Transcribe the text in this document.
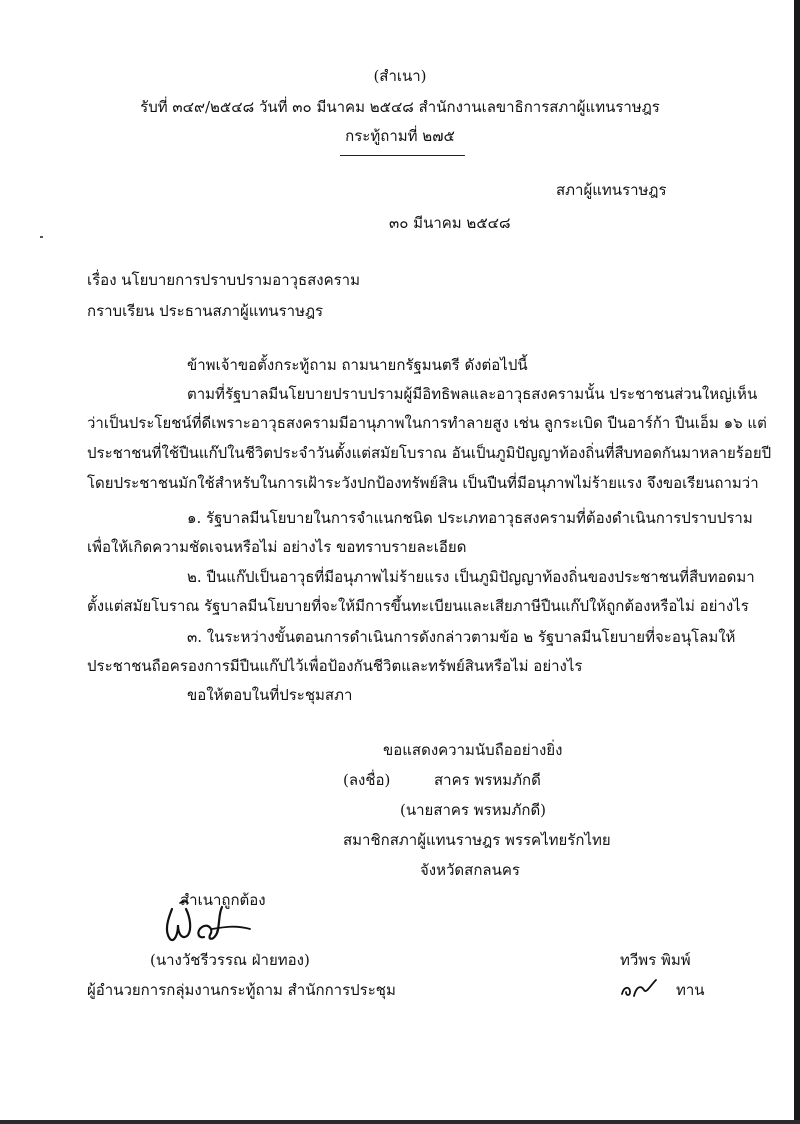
(สำเนา)
รับที่ ๓๔๙/๒๕๔๘ วันที่ ๓๐ มีนาคม ๒๕๔๘ สำนักงานเลขาธิการสภาผู้แทนราษฎร
กระทู้ถามที่ ๒๗๕
สภาผู้แทนราษฎร
๓๐ มีนาคม ๒๕๔๘
เรื่อง นโยบายการปราบปรามอาวุธสงคราม
กราบเรียน ประธานสภาผู้แทนราษฎร
ข้าพเจ้าขอตั้งกระทู้ถาม ถามนายกรัฐมนตรี ดังต่อไปนี้
ตามที่รัฐบาลมีนโยบายปราบปรามผู้มีอิทธิพลและอาวุธสงครามนั้น ประชาชนส่วนใหญ่เห็น
ว่าเป็นประโยชน์ที่ดีเพราะอาวุธสงครามมีอานุภาพในการทำลายสูง เช่น ลูกระเบิด ปืนอาร์ก้า ปืนเอ็ม ๑๖ แต่
ประชาชนที่ใช้ปืนแก๊ปในชีวิตประจำวันตั้งแต่สมัยโบราณ อันเป็นภูมิปัญญาท้องถิ่นที่สืบทอดกันมาหลายร้อยปี
โดยประชาชนมักใช้สำหรับในการเฝ้าระวังปกป้องทรัพย์สิน เป็นปืนที่มีอนุภาพไม่ร้ายแรง จึงขอเรียนถามว่า
๑. รัฐบาลมีนโยบายในการจำแนกชนิด ประเภทอาวุธสงครามที่ต้องดำเนินการปราบปราม
เพื่อให้เกิดความชัดเจนหรือไม่ อย่างไร ขอทราบรายละเอียด
๒. ปืนแก๊ปเป็นอาวุธที่มีอนุภาพไม่ร้ายแรง เป็นภูมิปัญญาท้องถิ่นของประชาชนที่สืบทอดมา
ตั้งแต่สมัยโบราณ รัฐบาลมีนโยบายที่จะให้มีการขึ้นทะเบียนและเสียภาษีปืนแก๊ปให้ถูกต้องหรือไม่ อย่างไร
๓. ในระหว่างขั้นตอนการดำเนินการดังกล่าวตามข้อ ๒ รัฐบาลมีนโยบายที่จะอนุโลมให้
ประชาชนถือครองการมีปืนแก๊ปไว้เพื่อป้องกันชีวิตและทรัพย์สินหรือไม่ อย่างไร
ขอให้ตอบในที่ประชุมสภา
ขอแสดงความนับถืออย่างยิ่ง
(ลงชื่อ)	สาคร พรหมภักดี
(นายสาคร พรหมภักดี)
สมาชิกสภาผู้แทนราษฎร พรรคไทยรักไทย
จังหวัดสกลนคร
สำเนาถูกต้อง
(นางวัชรีวรรณ ฝ่ายทอง)
ผู้อำนวยการกลุ่มงานกระทู้ถาม สำนักการประชุม
ทวีพร พิมพ์
ทาน
